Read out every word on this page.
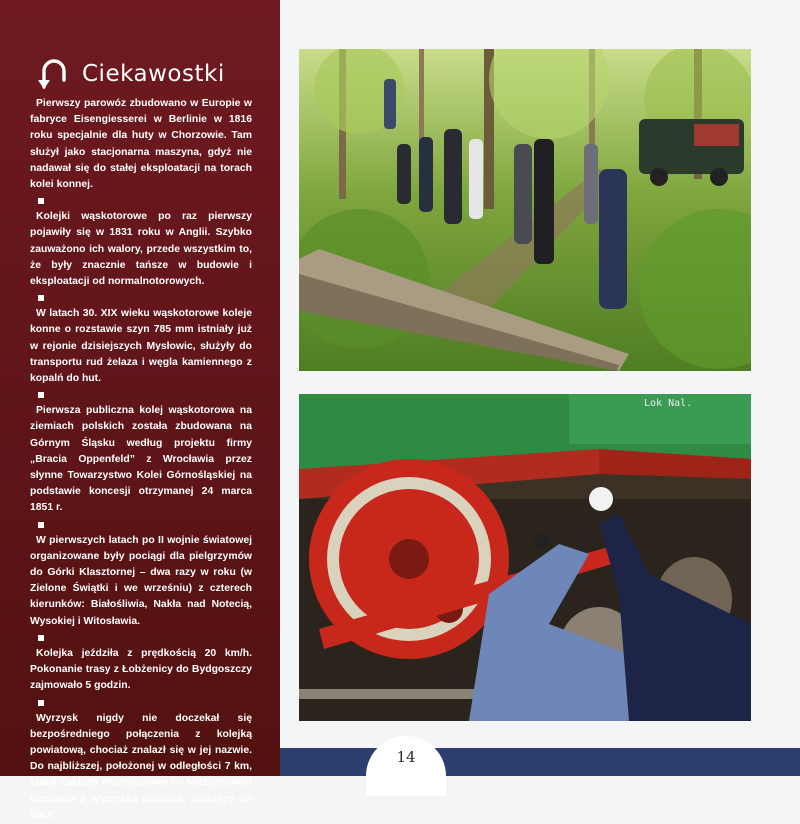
Ciekawostki

Pierwszy parowóz zbudowano w Europie w fabryce Eisengiesserei w Berlinie w 1816 roku specjalnie dla huty w Chorzowie. Tam służył jako stacjonarna maszyna, gdyż nie nadawał się do stałej eksploatacji na torach kolei konnej.

Kolejki wąskotorowe po raz pierwszy pojawiły się w 1831 roku w Anglii. Szybko zauważono ich walory, przede wszystkim to, że były znacznie tańsze w budowie i eksploatacji od normalnotorowych.

W latach 30. XIX wieku wąskotorowe koleje konne o rozstawie szyn 785 mm istniały już w rejonie dzisiejszych Mysłowic, służyły do transportu rud żelaza i węgla kamiennego z kopalń do hut.

Pierwsza publiczna kolej wąskotorowa na ziemiach polskich została zbudowana na Górnym Śląsku według projektu firmy „Bracia Oppenfeld” z Wrocławia przez słynne Towarzystwo Kolei Górnośląskiej na podstawie koncesji otrzymanej 24 marca 1851 r.

W pierwszych latach po II wojnie światowej organizowane były pociągi dla pielgrzymów do Górki Klasztornej – dwa razy w roku (w Zielone Świątki i we wrześniu) z czterech kierunków: Białośliwia, Nakła nad Notecią, Wysokiej i Witosławia.

Kolejka jeździła z prędkością 20 km/h. Pokonanie trasy z Łobżenicy do Bydgoszczy zajmowało 5 godzin.

Wyrzysk nigdy nie doczekał się bezpośredniego połączenia z kolejką powiatową, chociaż znalazł się w jej nazwie. Do najbliższej, położonej w odległości 7 km, stacji Zakłady Przemysłowe (w Nieżychowie) kursował z Wyrzyska autobus, należący do WKP.

Lok Nal.
14
